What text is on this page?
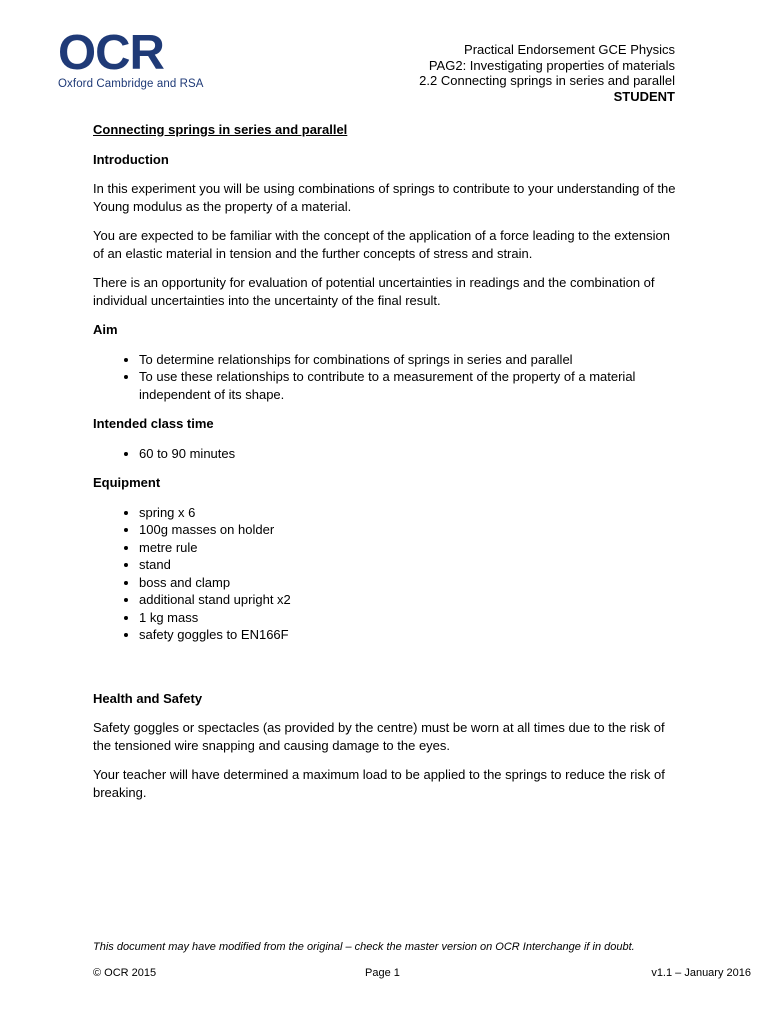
OCR
Oxford Cambridge and RSA
Practical Endorsement GCE Physics
PAG2: Investigating properties of materials
2.2 Connecting springs in series and parallel
STUDENT
Connecting springs in series and parallel
Introduction

In this experiment you will be using combinations of springs to contribute to your understanding of the Young modulus as the property of a material.

You are expected to be familiar with the concept of the application of a force leading to the extension of an elastic material in tension and the further concepts of stress and strain.

There is an opportunity for evaluation of potential uncertainties in readings and the combination of individual uncertainties into the uncertainty of the final result.

Aim
• To determine relationships for combinations of springs in series and parallel
• To use these relationships to contribute to a measurement of the property of a material independent of its shape.
Intended class time
• 60 to 90 minutes
Equipment
• spring x 6
• 100g masses on holder
• metre rule
• stand
• boss and clamp
• additional stand upright x2
• 1 kg mass
• safety goggles to EN166F
Health and Safety

Safety goggles or spectacles (as provided by the centre) must be worn at all times due to the risk of the tensioned wire snapping and causing damage to the eyes.

Your teacher will have determined a maximum load to be applied to the springs to reduce the risk of breaking.

This document may have modified from the original – check the master version on OCR Interchange if in doubt.
© OCR 2015	Page 1	v1.1 – January 2016
